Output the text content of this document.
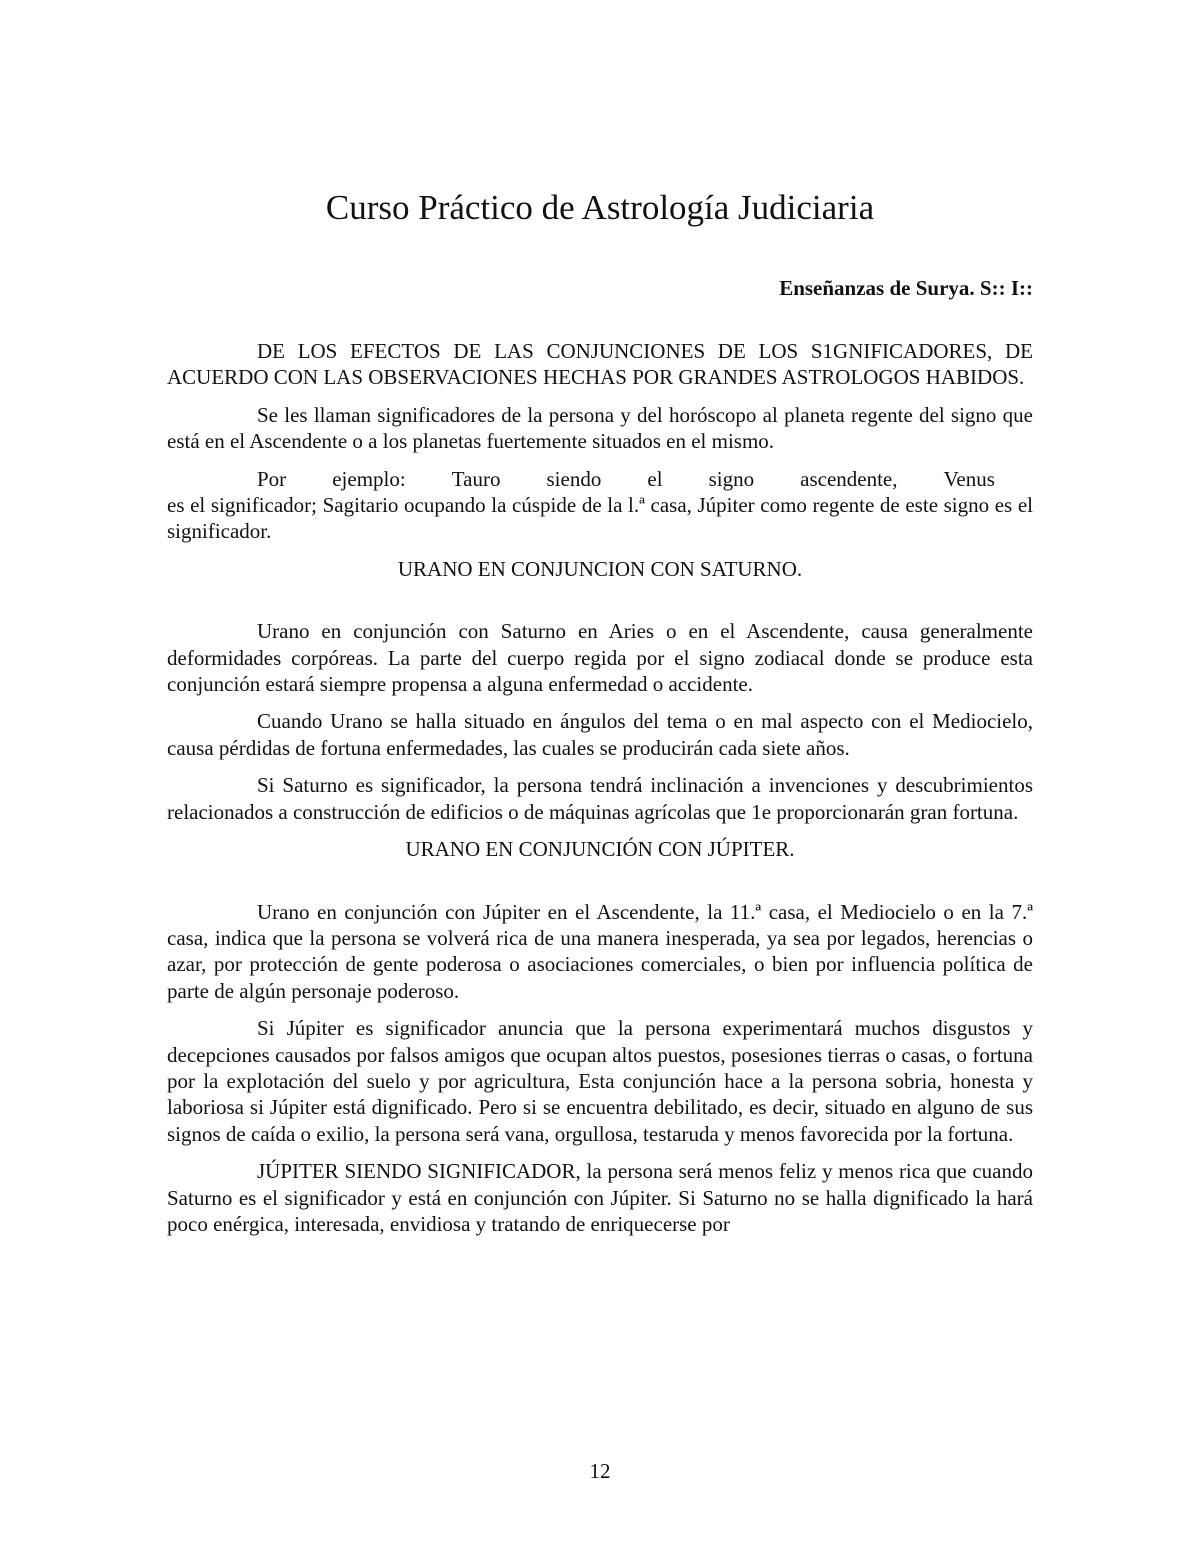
Curso Práctico de Astrología Judiciaria
Enseñanzas de Surya. S:: I::

DE LOS EFECTOS DE LAS CONJUNCIONES DE LOS S1GNIFICADORES, DE ACUERDO CON LAS OBSERVACIONES HECHAS POR GRANDES ASTROLOGOS HABIDOS.

Se les llaman significadores de la persona y del horóscopo al planeta regente del signo que está en el Ascendente o a los planetas fuertemente situados en el mismo.

Por ejemplo: Tauro siendo el signo ascendente, Venus
es el significador; Sagitario ocupando la cúspide de la l.ª casa, Júpiter como regente de este signo es el significador.
URANO EN CONJUNCION CON SATURNO.

Urano en conjunción con Saturno en Aries o en el Ascendente, causa generalmente deformidades corpóreas. La parte del cuerpo regida por el signo zodiacal donde se produce esta conjunción estará siempre propensa a alguna enfermedad o accidente.

Cuando Urano se halla situado en ángulos del tema o en mal aspecto con el Mediocielo, causa pérdidas de fortuna enfermedades, las cuales se producirán cada siete años.

Si Saturno es significador, la persona tendrá inclinación a invenciones y descubrimientos relacionados a construcción de edificios o de máquinas agrícolas que 1e proporcionarán gran fortuna.

URANO EN CONJUNCIÓN CON JÚPITER.

Urano en conjunción con Júpiter en el Ascendente, la 11.ª casa, el Mediocielo o en la 7.ª casa, indica que la persona se volverá rica de una manera inesperada, ya sea por legados, herencias o azar, por protección de gente poderosa o asociaciones comerciales, o bien por influencia política de parte de algún personaje poderoso.

Si Júpiter es significador anuncia que la persona experimentará muchos disgustos y decepciones causados por falsos amigos que ocupan altos puestos, posesiones tierras o casas, o fortuna por la explotación del suelo y por agricultura, Esta conjunción hace a la persona sobria, honesta y laboriosa si Júpiter está dignificado. Pero si se encuentra debilitado, es decir, situado en alguno de sus signos de caída o exilio, la persona será vana, orgullosa, testaruda y menos favorecida por la fortuna.

JÚPITER SIENDO SIGNIFICADOR, la persona será menos feliz y menos rica que cuando Saturno es el significador y está en conjunción con Júpiter. Si Saturno no se halla dignificado la hará poco enérgica, interesada, envidiosa y tratando de enriquecerse por

12
